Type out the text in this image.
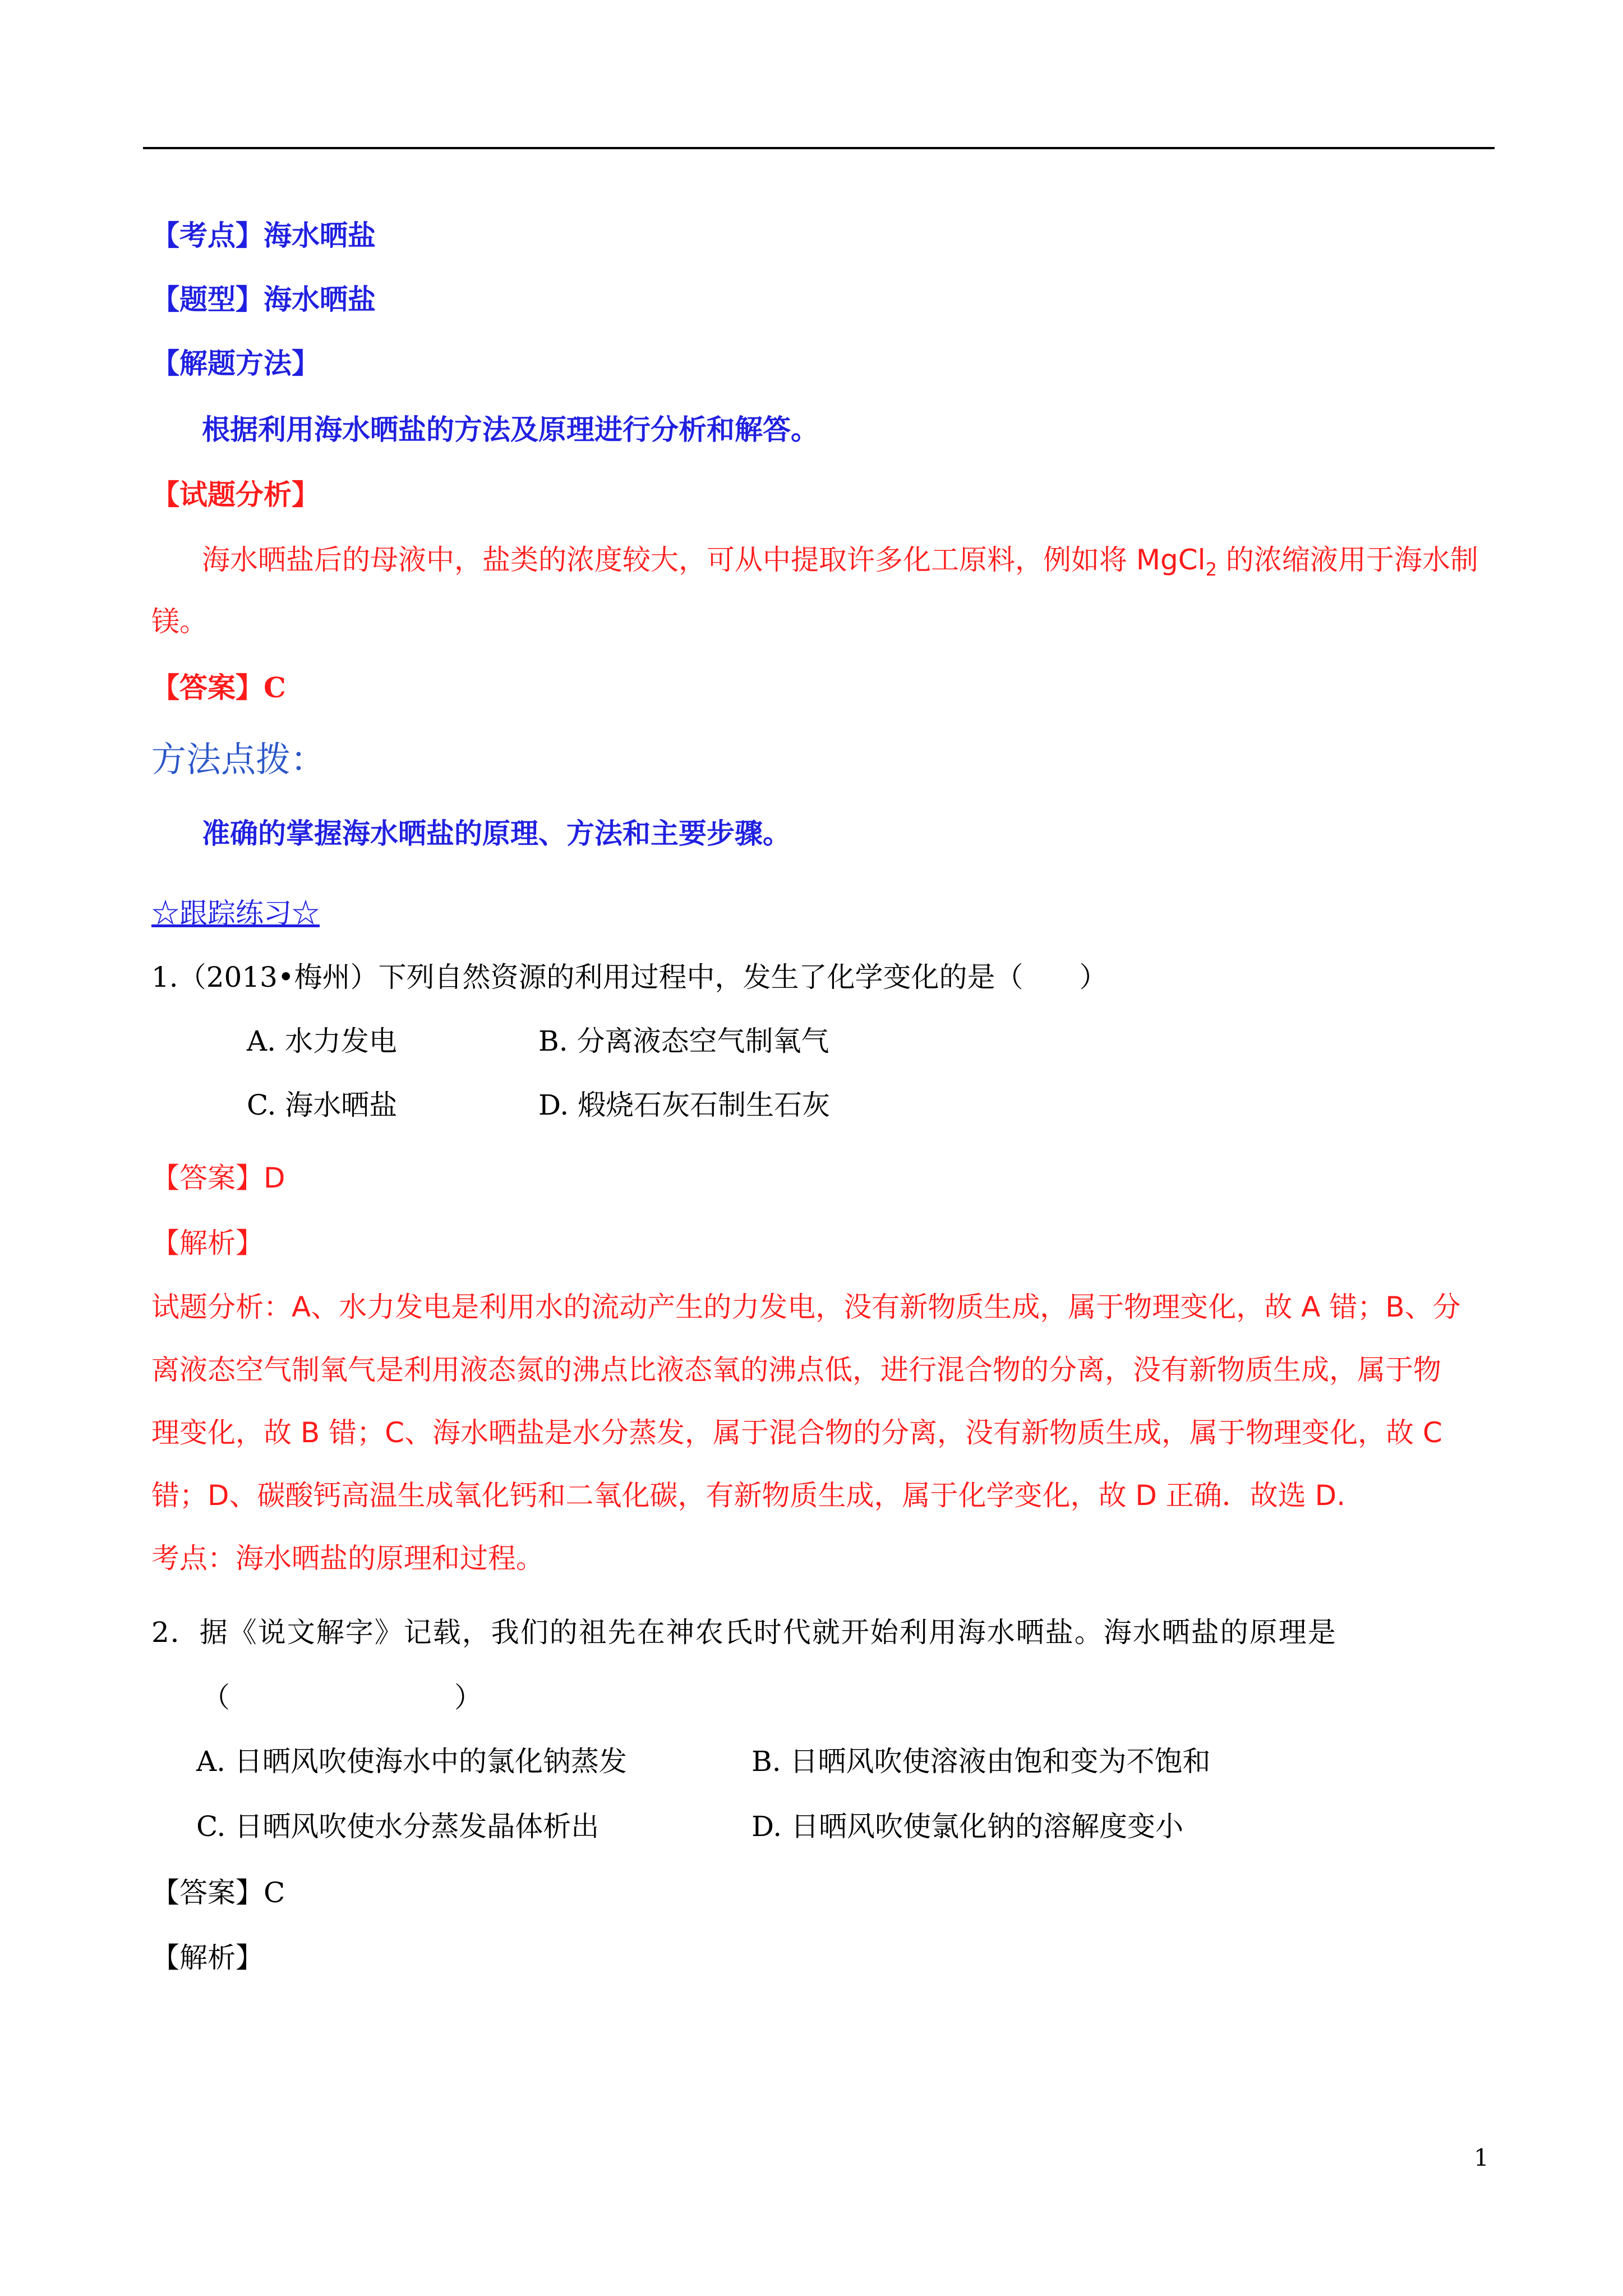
【考点】海水晒盐
【题型】海水晒盐
【解题方法】
根据利用海水晒盐的方法及原理进行分析和解答。
【试题分析】
海水晒盐后的母液中，盐类的浓度较大，可从中提取许多化工原料，例如将 MgCl$_2$ 的浓缩液用于海水制
镁。
【答案】C
方法点拨：
准确的掌握海水晒盐的原理、方法和主要步骤。
☆跟踪练习☆
1.（2013•梅州）下列自然资源的利用过程中，发生了化学变化的是（　　）
A. 水力发电	B. 分离液态空气制氧气
C. 海水晒盐	D. 煅烧石灰石制生石灰
【答案】D
【解析】
试题分析：A、水力发电是利用水的流动产生的力发电，没有新物质生成，属于物理变化，故 A 错；B、分
离液态空气制氧气是利用液态氮的沸点比液态氧的沸点低，进行混合物的分离，没有新物质生成，属于物
理变化，故 B 错；C、海水晒盐是水分蒸发，属于混合物的分离，没有新物质生成，属于物理变化，故 C
错；D、碳酸钙高温生成氧化钙和二氧化碳，有新物质生成，属于化学变化，故 D 正确．故选 D.
考点：海水晒盐的原理和过程。
2．据《说文解字》记载，我们的祖先在神农氏时代就开始利用海水晒盐。海水晒盐的原理是
（　　　　　　　　）
A. 日晒风吹使海水中的氯化钠蒸发	B. 日晒风吹使溶液由饱和变为不饱和
C. 日晒风吹使水分蒸发晶体析出	D. 日晒风吹使氯化钠的溶解度变小
【答案】C
【解析】
1
